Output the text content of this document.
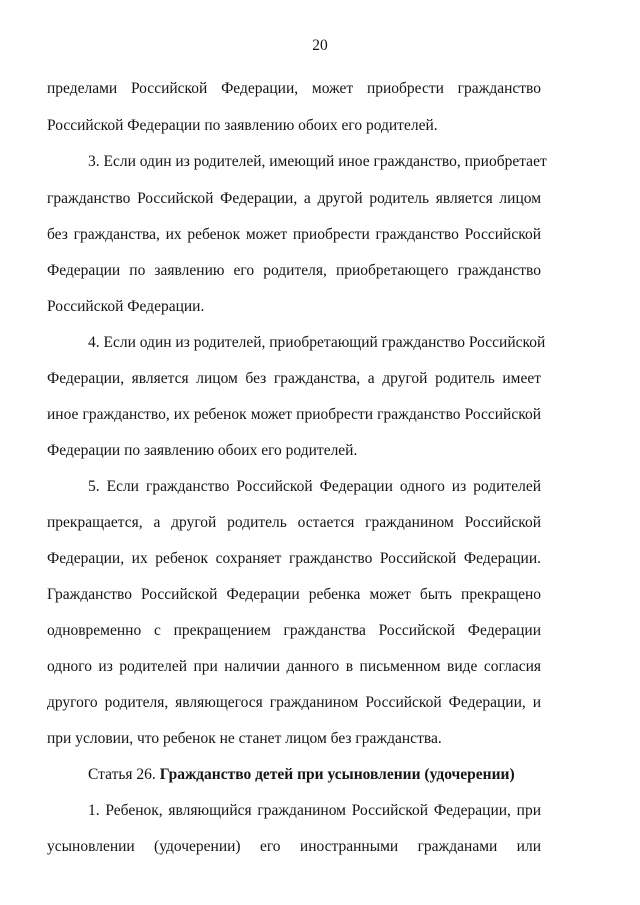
20
пределами Российской Федерации, может приобрести гражданство
Российской Федерации по заявлению обоих его родителей.
3. Если один из родителей, имеющий иное гражданство, приобретает
гражданство Российской Федерации, а другой родитель является лицом
без гражданства, их ребенок может приобрести гражданство Российской
Федерации по заявлению его родителя, приобретающего гражданство
Российской Федерации.
4. Если один из родителей, приобретающий гражданство Российской
Федерации, является лицом без гражданства, а другой родитель имеет
иное гражданство, их ребенок может приобрести гражданство Российской
Федерации по заявлению обоих его родителей.
5. Если гражданство Российской Федерации одного из родителей
прекращается, а другой родитель остается гражданином Российской
Федерации, их ребенок сохраняет гражданство Российской Федерации.
Гражданство Российской Федерации ребенка может быть прекращено
одновременно с прекращением гражданства Российской Федерации
одного из родителей при наличии данного в письменном виде согласия
другого родителя, являющегося гражданином Российской Федерации, и
при условии, что ребенок не станет лицом без гражданства.
Статья 26. Гражданство детей при усыновлении (удочерении)
1. Ребенок, являющийся гражданином Российской Федерации, при
усыновлении (удочерении) его иностранными гражданами или
